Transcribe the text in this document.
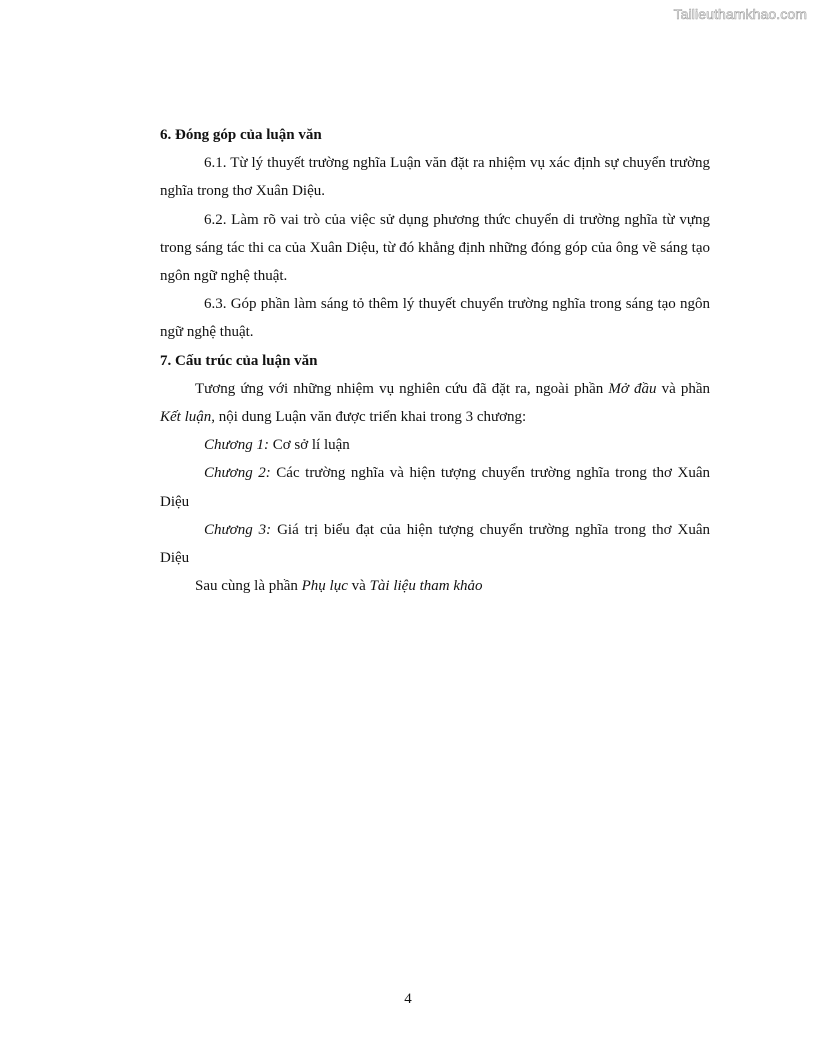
Tailieuthamkhao.com

6. Đóng góp của luận văn

6.1. Từ lý thuyết trường nghĩa Luận văn đặt ra nhiệm vụ xác định sự chuyển trường nghĩa trong thơ Xuân Diệu.

6.2. Làm rõ vai trò của việc sử dụng phương thức chuyển di trường nghĩa từ vựng trong sáng tác thi ca của Xuân Diệu, từ đó khẳng định những đóng góp của ông về sáng tạo ngôn ngữ nghệ thuật.

6.3. Góp phần làm sáng tỏ thêm lý thuyết chuyển trường nghĩa trong sáng tạo ngôn ngữ nghệ thuật.

7. Cấu trúc của luận văn

Tương ứng với những nhiệm vụ nghiên cứu đã đặt ra, ngoài phần Mở đầu và phần Kết luận, nội dung Luận văn được triển khai trong 3 chương:

Chương 1: Cơ sở lí luận

Chương 2: Các trường nghĩa và hiện tượng chuyển trường nghĩa trong thơ Xuân Diệu

Chương 3: Giá trị biểu đạt của hiện tượng chuyển trường nghĩa trong thơ Xuân Diệu

Sau cùng là phần Phụ lục và Tài liệu tham khảo

4
